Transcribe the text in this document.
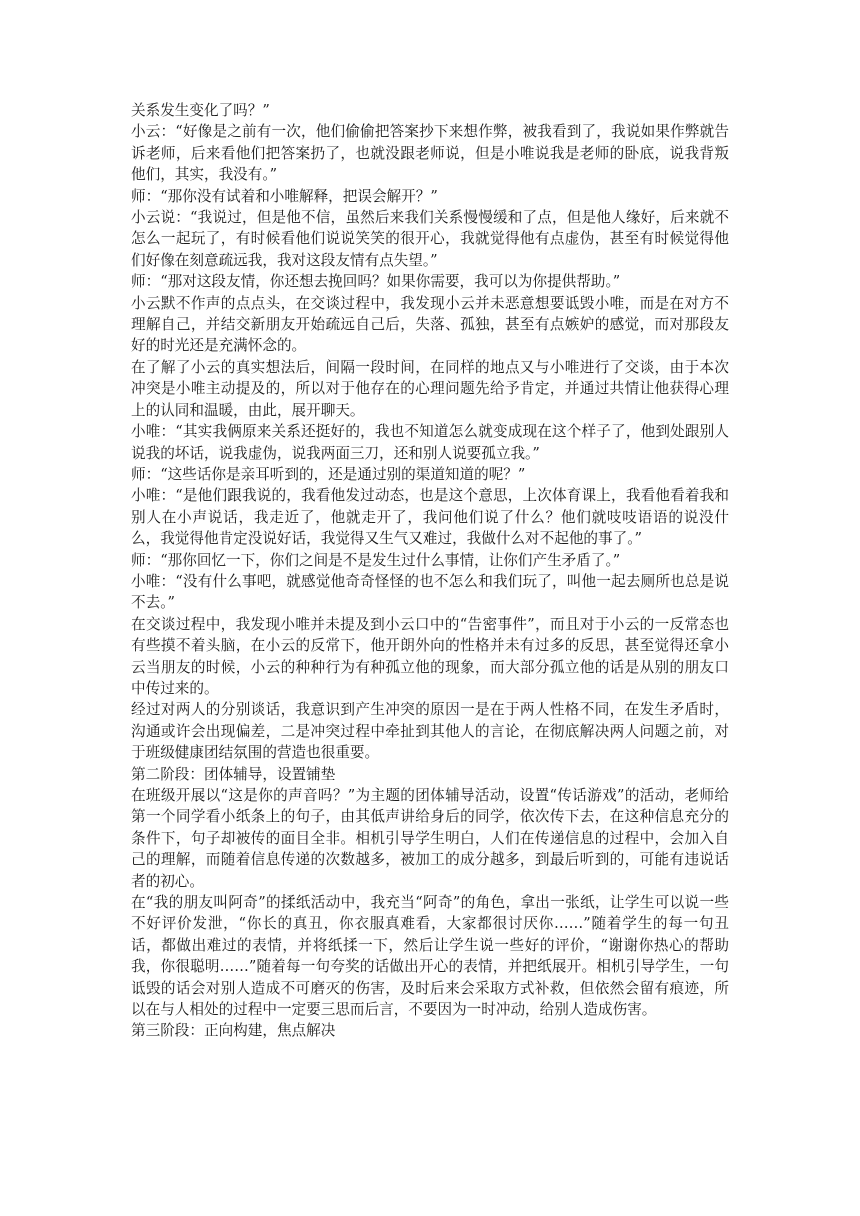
关系发生变化了吗？”

小云：“好像是之前有一次，他们偷偷把答案抄下来想作弊，被我看到了，我说如果作弊就告诉老师，后来看他们把答案扔了，也就没跟老师说，但是小唯说我是老师的卧底，说我背叛他们，其实，我没有。”

师：“那你没有试着和小唯解释，把误会解开？”

小云说：“我说过，但是他不信，虽然后来我们关系慢慢缓和了点，但是他人缘好，后来就不怎么一起玩了，有时候看他们说说笑笑的很开心，我就觉得他有点虚伪，甚至有时候觉得他们好像在刻意疏远我，我对这段友情有点失望。”

师：“那对这段友情，你还想去挽回吗？如果你需要，我可以为你提供帮助。”

小云默不作声的点点头，在交谈过程中，我发现小云并未恶意想要诋毁小唯，而是在对方不理解自己，并结交新朋友开始疏远自己后，失落、孤独，甚至有点嫉妒的感觉，而对那段友好的时光还是充满怀念的。

在了解了小云的真实想法后，间隔一段时间，在同样的地点又与小唯进行了交谈，由于本次冲突是小唯主动提及的，所以对于他存在的心理问题先给予肯定，并通过共情让他获得心理上的认同和温暖，由此，展开聊天。

小唯：“其实我俩原来关系还挺好的，我也不知道怎么就变成现在这个样子了，他到处跟别人说我的坏话，说我虚伪，说我两面三刀，还和别人说要孤立我。”

师：“这些话你是亲耳听到的，还是通过别的渠道知道的呢？”

小唯：“是他们跟我说的，我看他发过动态，也是这个意思，上次体育课上，我看他看着我和别人在小声说话，我走近了，他就走开了，我问他们说了什么？他们就吱吱语语的说没什么，我觉得他肯定没说好话，我觉得又生气又难过，我做什么对不起他的事了。”

师：“那你回忆一下，你们之间是不是发生过什么事情，让你们产生矛盾了。”

小唯：“没有什么事吧，就感觉他奇奇怪怪的也不怎么和我们玩了，叫他一起去厕所也总是说不去。”

在交谈过程中，我发现小唯并未提及到小云口中的“告密事件”，而且对于小云的一反常态也有些摸不着头脑，在小云的反常下，他开朗外向的性格并未有过多的反思，甚至觉得还拿小云当朋友的时候，小云的种种行为有种孤立他的现象，而大部分孤立他的话是从别的朋友口中传过来的。

经过对两人的分别谈话，我意识到产生冲突的原因一是在于两人性格不同，在发生矛盾时，沟通或许会出现偏差，二是冲突过程中牵扯到其他人的言论，在彻底解决两人问题之前，对于班级健康团结氛围的营造也很重要。

第二阶段：团体辅导，设置铺垫

在班级开展以“这是你的声音吗？”为主题的团体辅导活动，设置“传话游戏”的活动，老师给第一个同学看小纸条上的句子，由其低声讲给身后的同学，依次传下去，在这种信息充分的条件下，句子却被传的面目全非。相机引导学生明白，人们在传递信息的过程中，会加入自己的理解，而随着信息传递的次数越多，被加工的成分越多，到最后听到的，可能有违说话者的初心。

在“我的朋友叫阿奇”的揉纸活动中，我充当“阿奇”的角色，拿出一张纸，让学生可以说一些不好评价发泄，“你长的真丑，你衣服真难看，大家都很讨厌你……”随着学生的每一句丑话，都做出难过的表情，并将纸揉一下，然后让学生说一些好的评价，“谢谢你热心的帮助我，你很聪明……”随着每一句夸奖的话做出开心的表情，并把纸展开。相机引导学生，一句诋毁的话会对别人造成不可磨灭的伤害，及时后来会采取方式补救，但依然会留有痕迹，所以在与人相处的过程中一定要三思而后言，不要因为一时冲动，给别人造成伤害。

第三阶段：正向构建，焦点解决
